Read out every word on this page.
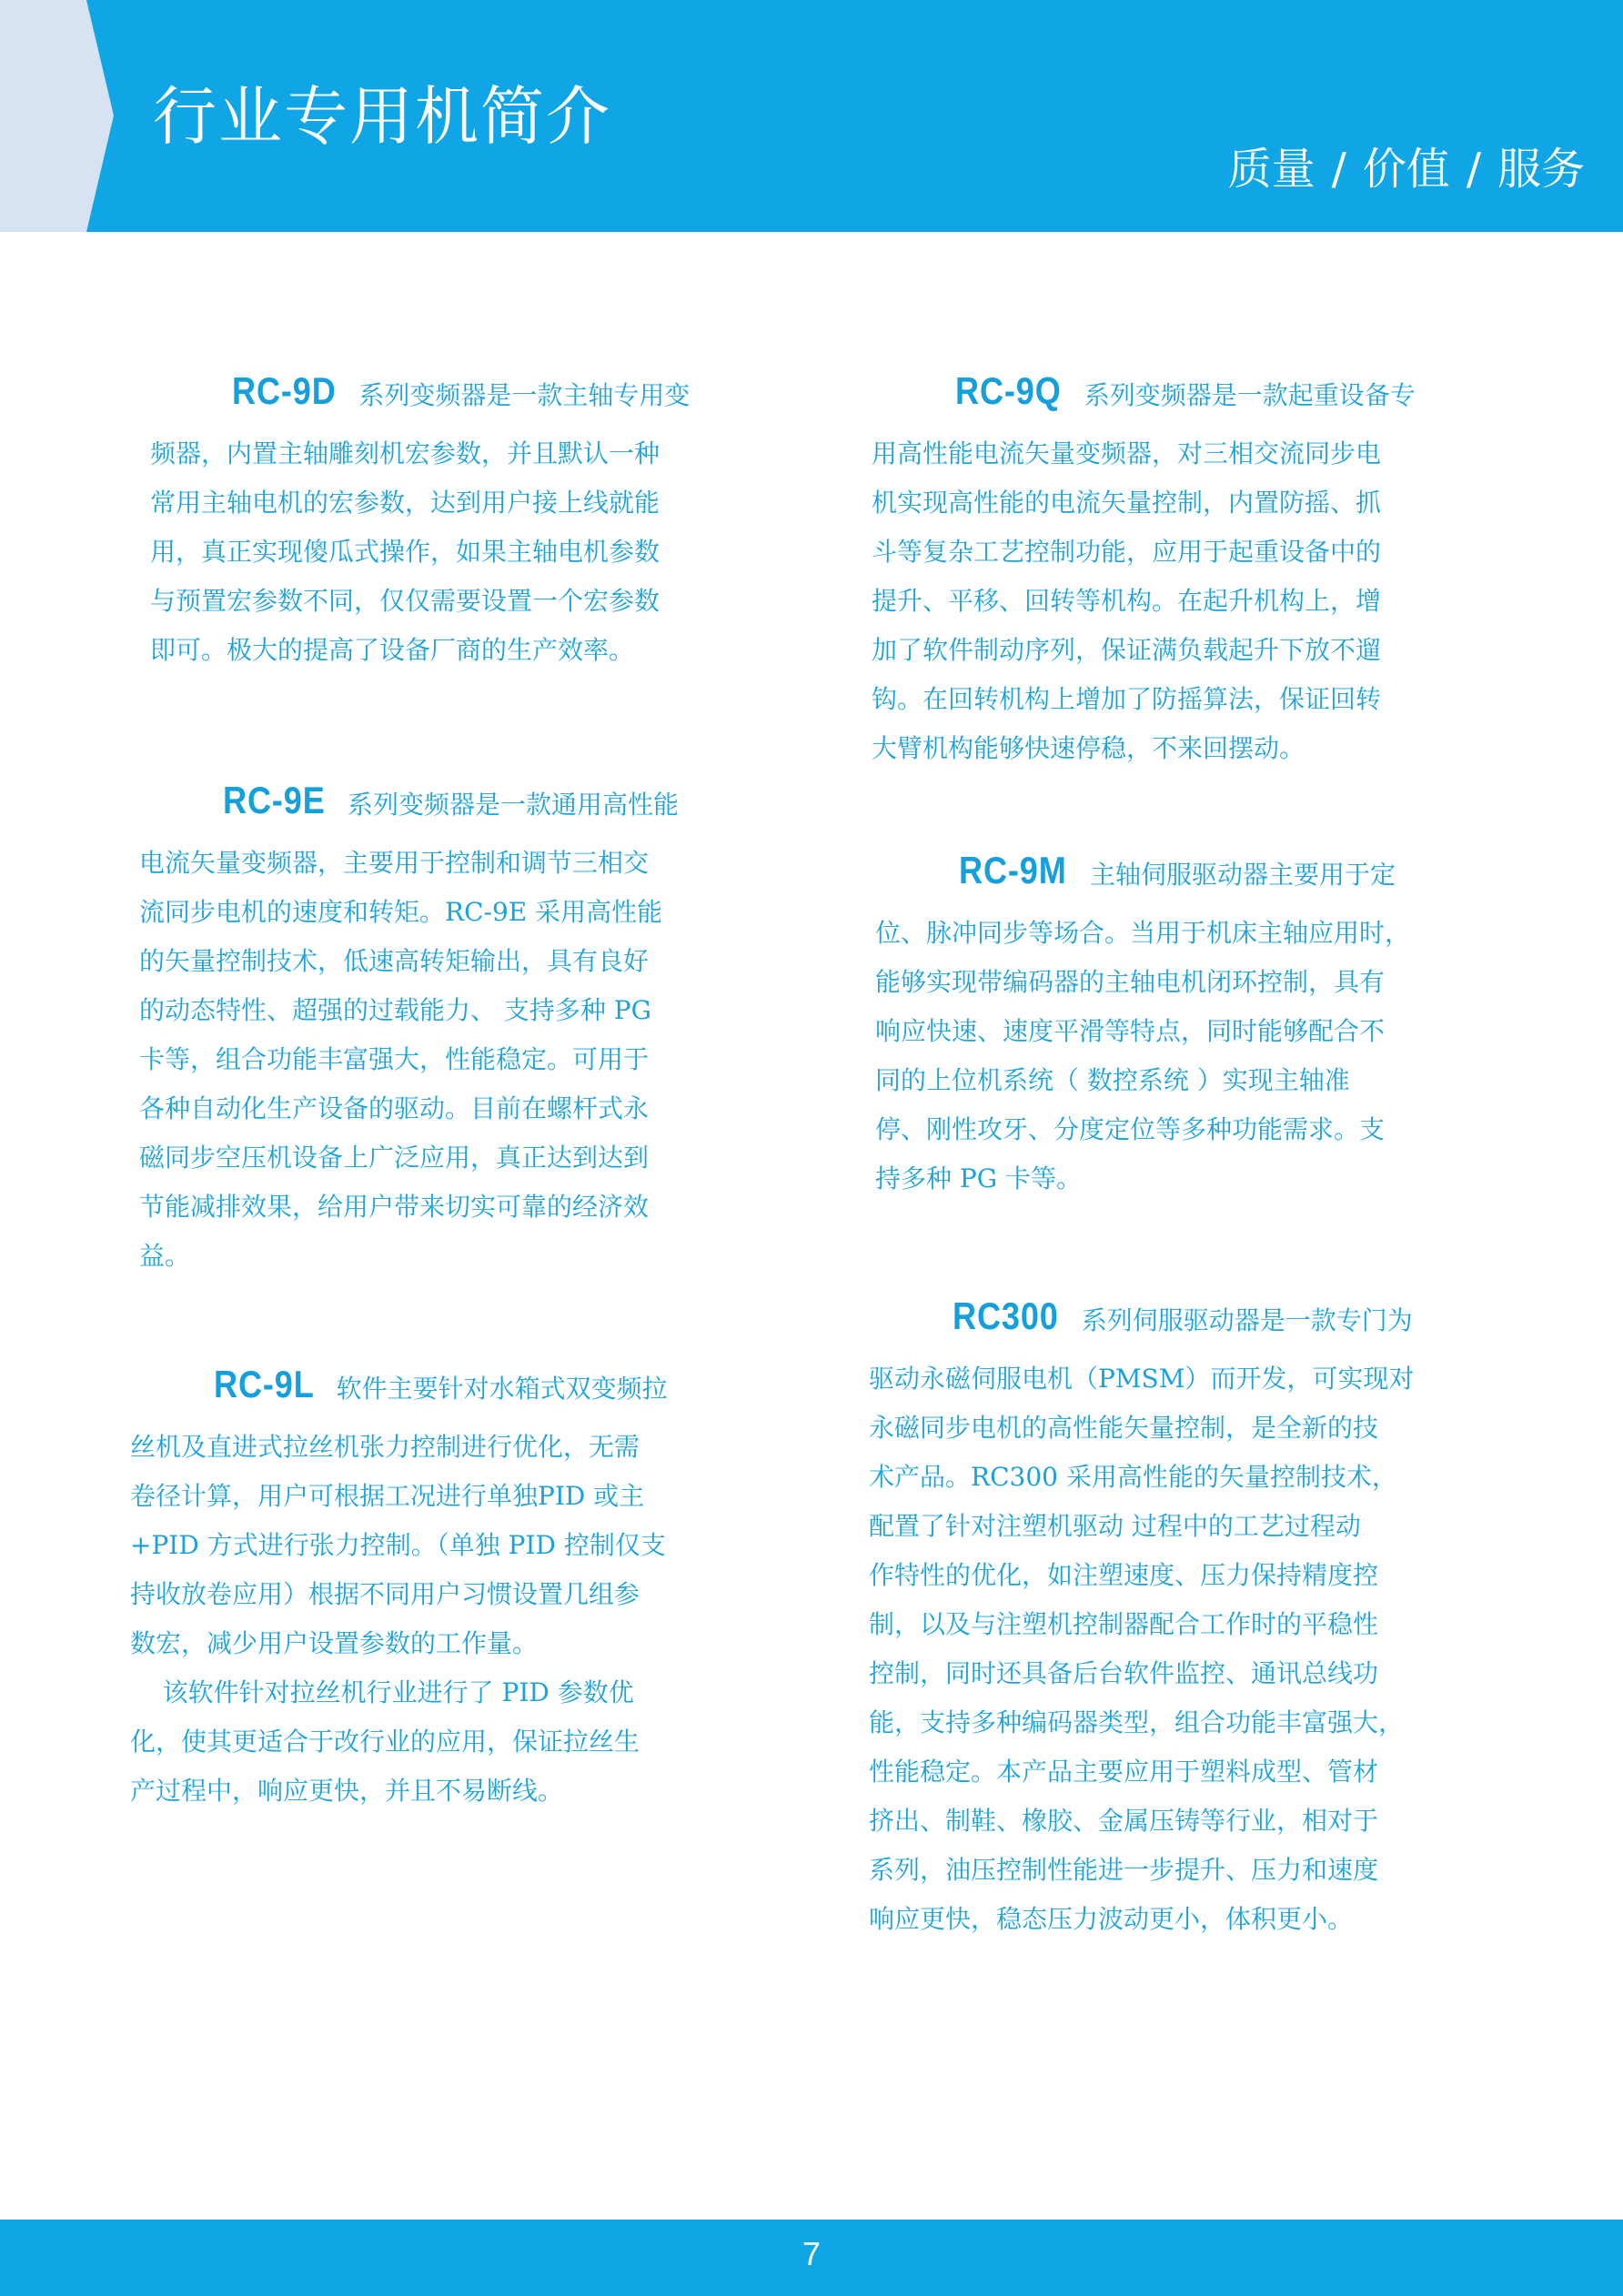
行业专用机简介
质量 / 价值 / 服务
RC-9D 系列变频器是一款主轴专用变
频器，内置主轴雕刻机宏参数，并且默认一种
常用主轴电机的宏参数，达到用户接上线就能
用，真正实现傻瓜式操作，如果主轴电机参数
与预置宏参数不同，仅仅需要设置一个宏参数
即可。极大的提高了设备厂商的生产效率。
RC-9E 系列变频器是一款通用高性能
电流矢量变频器，主要用于控制和调节三相交
流同步电机的速度和转矩。RC-9E 采用高性能
的矢量控制技术，低速高转矩输出，具有良好
的动态特性、超强的过载能力、 支持多种 PG
卡等，组合功能丰富强大，性能稳定。可用于
各种自动化生产设备的驱动。目前在螺杆式永
磁同步空压机设备上广泛应用，真正达到达到
节能减排效果，给用户带来切实可靠的经济效
益。
RC-9L 软件主要针对水箱式双变频拉
丝机及直进式拉丝机张力控制进行优化，无需
卷径计算，用户可根据工况进行单独PID 或主
+PID 方式进行张力控制。（单独 PID 控制仅支
持收放卷应用）根据不同用户习惯设置几组参
数宏，减少用户设置参数的工作量。
该软件针对拉丝机行业进行了 PID 参数优
化，使其更适合于改行业的应用，保证拉丝生
产过程中，响应更快，并且不易断线。
RC-9Q 系列变频器是一款起重设备专
用高性能电流矢量变频器，对三相交流同步电
机实现高性能的电流矢量控制，内置防摇、抓
斗等复杂工艺控制功能，应用于起重设备中的
提升、平移、回转等机构。在起升机构上，增
加了软件制动序列，保证满负载起升下放不遛
钩。在回转机构上增加了防摇算法，保证回转
大臂机构能够快速停稳，不来回摆动。
RC-9M 主轴伺服驱动器主要用于定
位、脉冲同步等场合。当用于机床主轴应用时，
能够实现带编码器的主轴电机闭环控制，具有
响应快速、速度平滑等特点，同时能够配合不
同的上位机系统（ 数控系统 ）实现主轴准
停、刚性攻牙、分度定位等多种功能需求。支
持多种 PG 卡等。
RC300 系列伺服驱动器是一款专门为
驱动永磁伺服电机（PMSM）而开发，可实现对
永磁同步电机的高性能矢量控制，是全新的技
术产品。RC300 采用高性能的矢量控制技术，
配置了针对注塑机驱动 过程中的工艺过程动
作特性的优化，如注塑速度、压力保持精度控
制，以及与注塑机控制器配合工作时的平稳性
控制，同时还具备后台软件监控、通讯总线功
能，支持多种编码器类型，组合功能丰富强大，
性能稳定。本产品主要应用于塑料成型、管材
挤出、制鞋、橡胶、金属压铸等行业，相对于
系列，油压控制性能进一步提升、压力和速度
响应更快，稳态压力波动更小，体积更小。
7
